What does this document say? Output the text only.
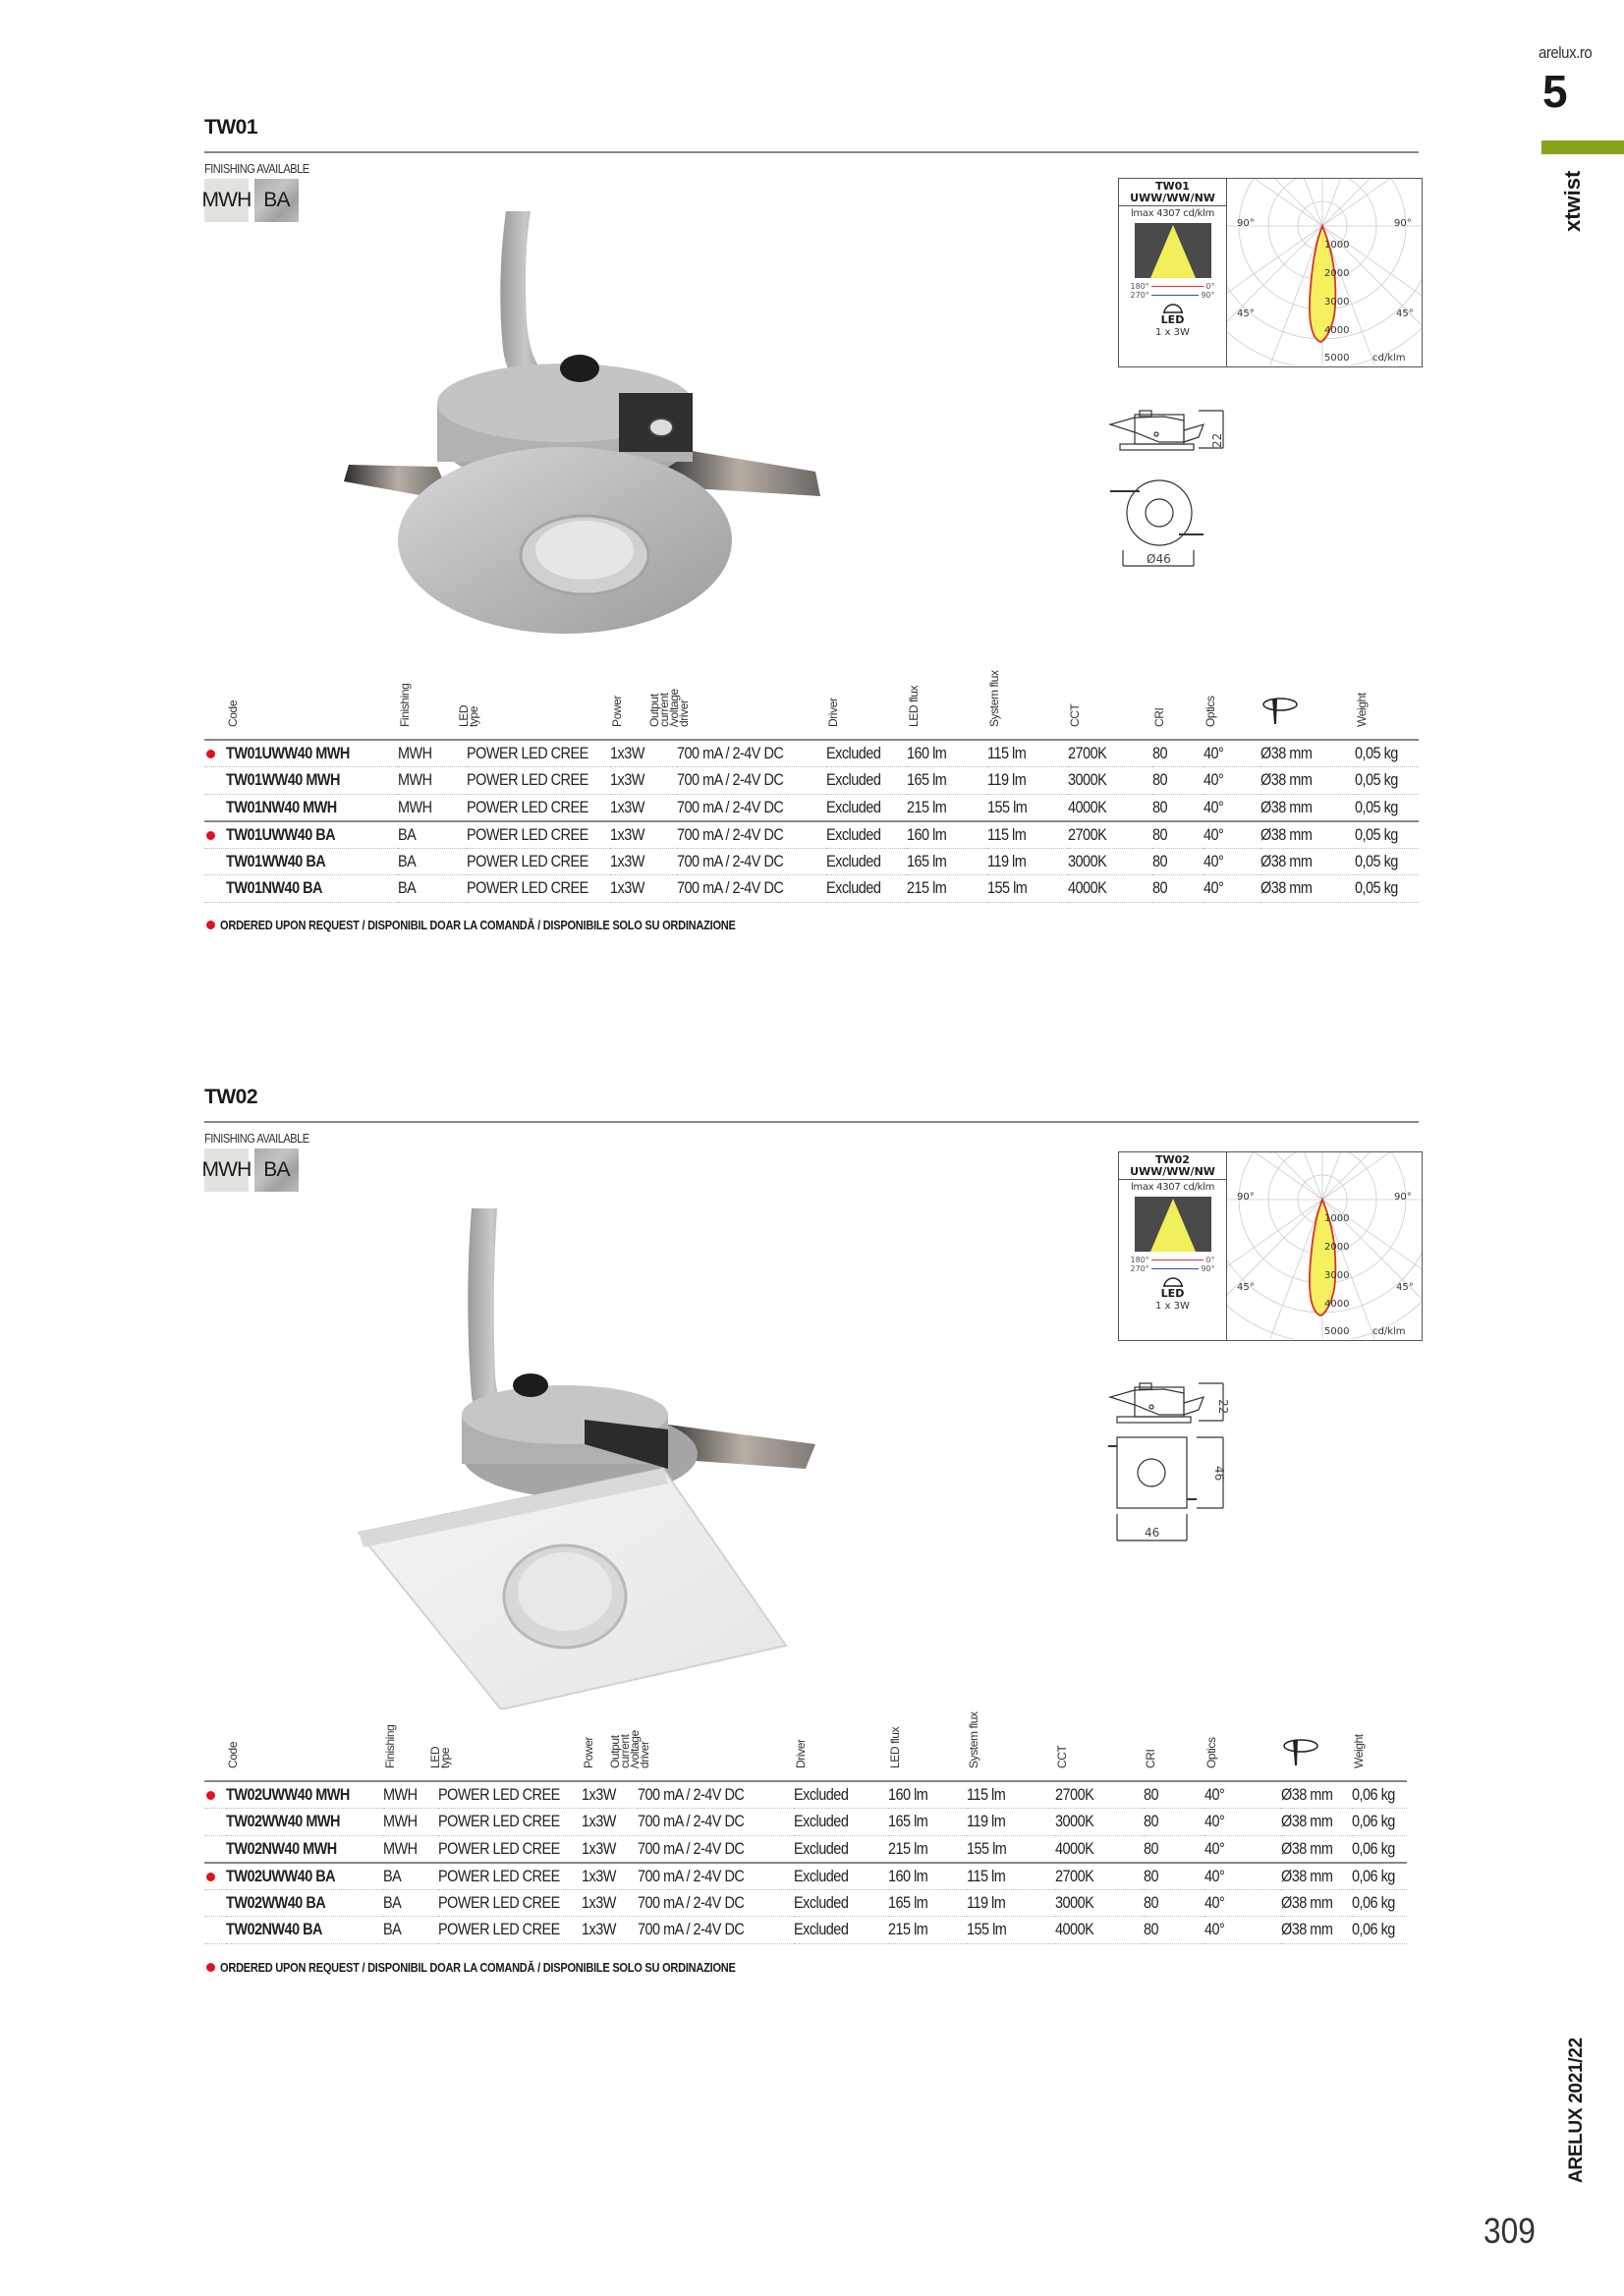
arelux.ro
5
xtwist
ARELUX 2021/22
309
TW01
FINISHING AVAILABLE
MWH BA
TW01
UWW/WW/NW
lmax 4307 cd/klm
180°	0°
270°	90°
LED
1 x 3W
90°	90°
45°	45°
1000
2000
3000
4000
5000 cd/klm
22
Ø46
	Code	Finishing	LED
type	Power	Output
current
/voltage
driver	Driver	LED flux	System flux	CCT	CRI	Optics		Weight
	TW01UWW40 MWH	MWH	POWER LED CREE	1x3W	700 mA / 2-4V DC	Excluded	160 lm	115 lm	2700K	80	40°	Ø38 mm	0,05 kg
	TW01WW40 MWH	MWH	POWER LED CREE	1x3W	700 mA / 2-4V DC	Excluded	165 lm	119 lm	3000K	80	40°	Ø38 mm	0,05 kg
	TW01NW40 MWH	MWH	POWER LED CREE	1x3W	700 mA / 2-4V DC	Excluded	215 lm	155 lm	4000K	80	40°	Ø38 mm	0,05 kg
	TW01UWW40 BA	BA	POWER LED CREE	1x3W	700 mA / 2-4V DC	Excluded	160 lm	115 lm	2700K	80	40°	Ø38 mm	0,05 kg
	TW01WW40 BA	BA	POWER LED CREE	1x3W	700 mA / 2-4V DC	Excluded	165 lm	119 lm	3000K	80	40°	Ø38 mm	0,05 kg
	TW01NW40 BA	BA	POWER LED CREE	1x3W	700 mA / 2-4V DC	Excluded	215 lm	155 lm	4000K	80	40°	Ø38 mm	0,05 kg
ORDERED UPON REQUEST / DISPONIBIL DOAR LA COMANDĂ / DISPONIBILE SOLO SU ORDINAZIONE
TW02
FINISHING AVAILABLE
MWH BA	TW02
UWW/WW/NW
lmax 4307 cd/klm
180°	0°
270°	90°
LED
1 x 3W
90°	90°
45°	45°
1000
2000
3000
4000
5000 cd/klm
22
46
46
	Code	Finishing	LED
type	Power	Output
current
/voltage
driver	Driver	LED flux	System flux	CCT	CRI	Optics		Weight
	TW02UWW40 MWH	MWH	POWER LED CREE	1x3W	700 mA / 2-4V DC	Excluded	160 lm	115 lm	2700K	80	40°	Ø38 mm	0,06 kg
	TW02WW40 MWH	MWH	POWER LED CREE	1x3W	700 mA / 2-4V DC	Excluded	165 lm	119 lm	3000K	80	40°	Ø38 mm	0,06 kg
	TW02NW40 MWH	MWH	POWER LED CREE	1x3W	700 mA / 2-4V DC	Excluded	215 lm	155 lm	4000K	80	40°	Ø38 mm	0,06 kg
	TW02UWW40 BA	BA	POWER LED CREE	1x3W	700 mA / 2-4V DC	Excluded	160 lm	115 lm	2700K	80	40°	Ø38 mm	0,06 kg
	TW02WW40 BA	BA	POWER LED CREE	1x3W	700 mA / 2-4V DC	Excluded	165 lm	119 lm	3000K	80	40°	Ø38 mm	0,06 kg
	TW02NW40 BA	BA	POWER LED CREE	1x3W	700 mA / 2-4V DC	Excluded	215 lm	155 lm	4000K	80	40°	Ø38 mm	0,06 kg
ORDERED UPON REQUEST / DISPONIBIL DOAR LA COMANDĂ / DISPONIBILE SOLO SU ORDINAZIONE
